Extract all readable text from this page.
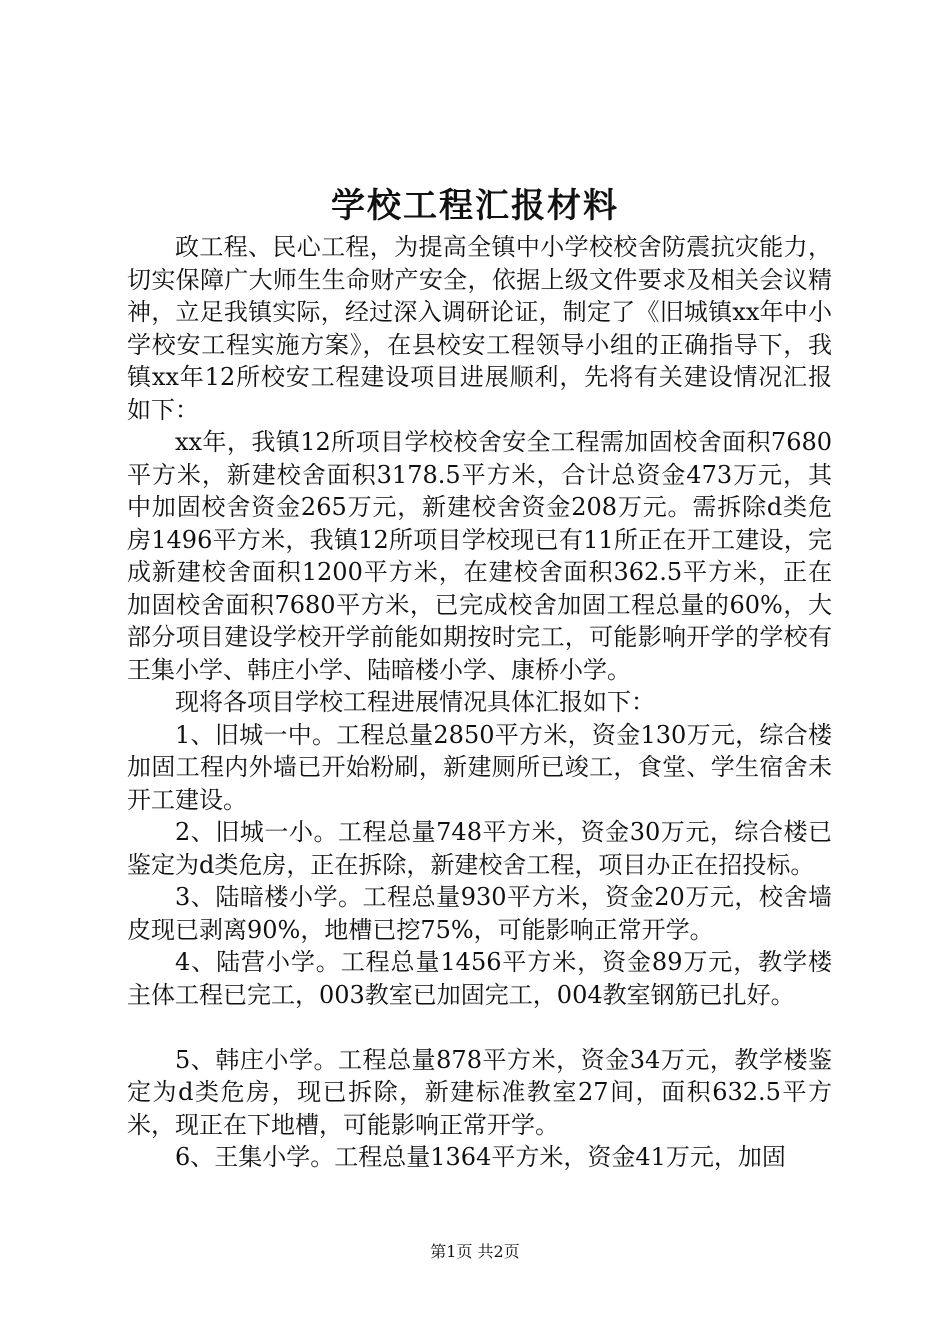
学校工程汇报材料

政工程、民心工程，为提高全镇中小学校校舍防震抗灾能力，切实保障广大师生生命财产安全，依据上级文件要求及相关会议精神，立足我镇实际，经过深入调研论证，制定了《旧城镇xx年中小学校安工程实施方案》，在县校安工程领导小组的正确指导下，我镇xx年12所校安工程建设项目进展顺利，先将有关建设情况汇报如下：

xx年，我镇12所项目学校校舍安全工程需加固校舍面积7680平方米，新建校舍面积3178.5平方米，合计总资金473万元，其中加固校舍资金265万元，新建校舍资金208万元。需拆除d类危房1496平方米，我镇12所项目学校现已有11所正在开工建设，完成新建校舍面积1200平方米，在建校舍面积362.5平方米，正在加固校舍面积7680平方米，已完成校舍加固工程总量的60%，大部分项目建设学校开学前能如期按时完工，可能影响开学的学校有王集小学、韩庄小学、陆暗楼小学、康桥小学。

现将各项目学校工程进展情况具体汇报如下：

1、旧城一中。工程总量2850平方米，资金130万元，综合楼加固工程内外墙已开始粉刷，新建厕所已竣工，食堂、学生宿舍未开工建设。

2、旧城一小。工程总量748平方米，资金30万元，综合楼已鉴定为d类危房，正在拆除，新建校舍工程，项目办正在招投标。

3、陆暗楼小学。工程总量930平方米，资金20万元，校舍墙皮现已剥离90%，地槽已挖75%，可能影响正常开学。

4、陆营小学。工程总量1456平方米，资金89万元，教学楼主体工程已完工，003教室已加固完工，004教室钢筋已扎好。

5、韩庄小学。工程总量878平方米，资金34万元，教学楼鉴定为d类危房，现已拆除，新建标准教室27间，面积632.5平方米，现正在下地槽，可能影响正常开学。

6、王集小学。工程总量1364平方米，资金41万元，加固

第1页 共2页
